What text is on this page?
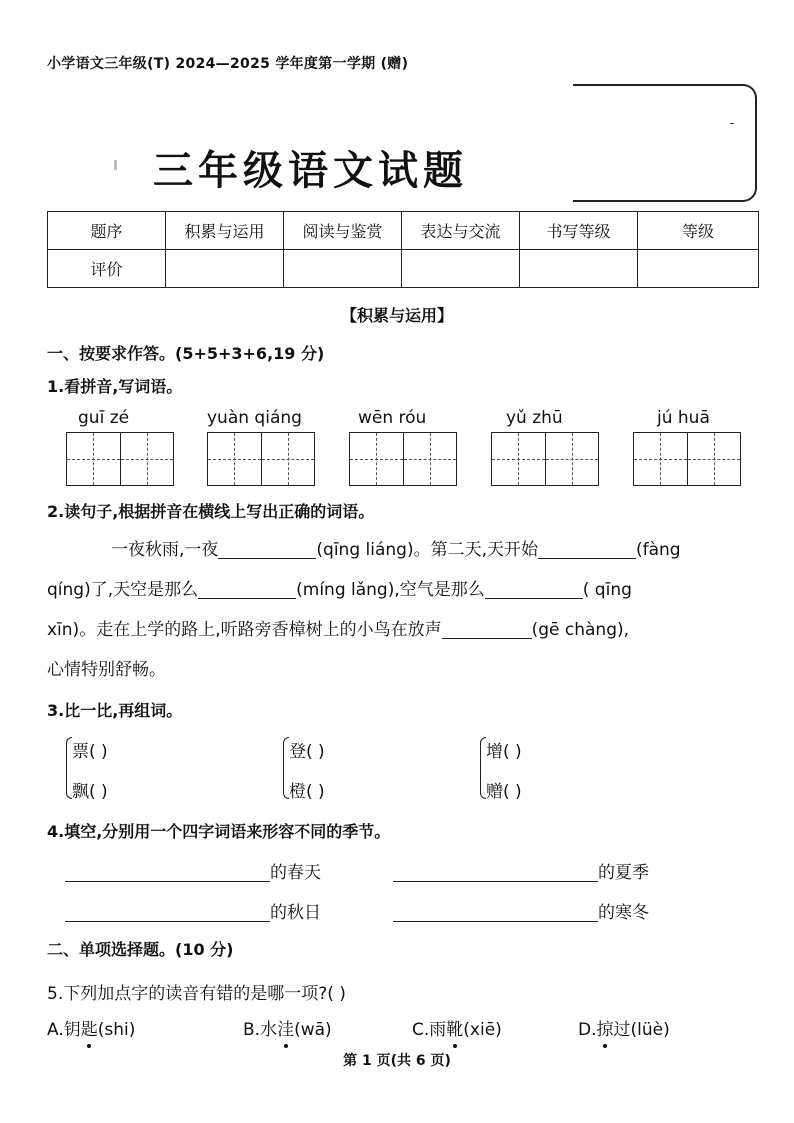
小学语文三年级(T) 2024—2025 学年度第一学期 (赠)
-
三年级语文试题
题序	积累与运用	阅读与鉴赏	表达与交流	书写等级	等级
评价					
【积累与运用】
一、按要求作答。(5+5+3+6,19 分)
1.看拼音,写词语。
guī zé	yuàn qiáng	wēn róu	yǔ zhū	jú huā
2.读句子,根据拼音在横线上写出正确的词语。
一夜秋雨,一夜	(qīng liáng)。第二天,天开始	(fàng
qíng)了,天空是那么	(míng lǎng),空气是那么	( qīng
xīn)。走在上学的路上,听路旁香樟树上的小鸟在放声	(gē chàng),
心情特别舒畅。
3.比一比,再组词。
票( )
飘( )
登( )
橙( )
增( )
赠( )
4.填空,分别用一个四字词语来形容不同的季节。
的春天	的夏季
的秋日	的寒冬
二、单项选择题。(10 分)
5.下列加点字的读音有错的是哪一项?( )
A.钥匙(shi)	B.水洼(wā)	C.雨靴(xiē)	D.掠过(lüè)
第 1 页(共 6 页)
